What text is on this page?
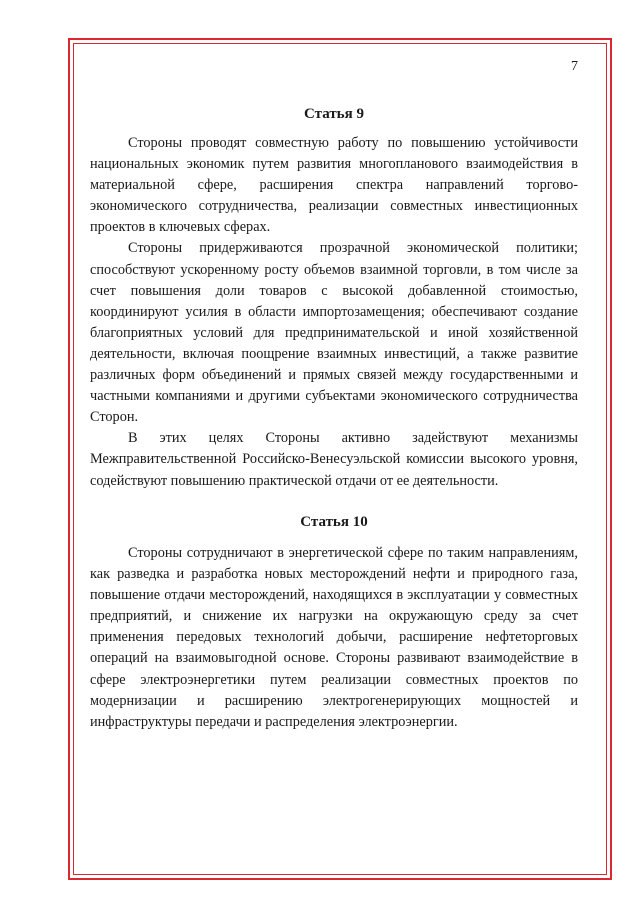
7
Статья 9

Стороны проводят совместную работу по повышению устойчивости национальных экономик путем развития многопланового взаимодействия в материальной сфере, расширения спектра направлений торгово-экономического сотрудничества, реализации совместных инвестиционных проектов в ключевых сферах.

Стороны придерживаются прозрачной экономической политики; способствуют ускоренному росту объемов взаимной торговли, в том числе за счет повышения доли товаров с высокой добавленной стоимостью, координируют усилия в области импортозамещения; обеспечивают создание благоприятных условий для предпринимательской и иной хозяйственной деятельности, включая поощрение взаимных инвестиций, а также развитие различных форм объединений и прямых связей между государственными и частными компаниями и другими субъектами экономического сотрудничества Сторон.

В этих целях Стороны активно задействуют механизмы Межправительственной Российско-Венесуэльской комиссии высокого уровня, содействуют повышению практической отдачи от ее деятельности.

Статья 10

Стороны сотрудничают в энергетической сфере по таким направлениям, как разведка и разработка новых месторождений нефти и природного газа, повышение отдачи месторождений, находящихся в эксплуатации у совместных предприятий, и снижение их нагрузки на окружающую среду за счет применения передовых технологий добычи, расширение нефтеторговых операций на взаимовыгодной основе. Стороны развивают взаимодействие в сфере электроэнергетики путем реализации совместных проектов по модернизации и расширению электрогенерирующих мощностей и инфраструктуры передачи и распределения электроэнергии.
